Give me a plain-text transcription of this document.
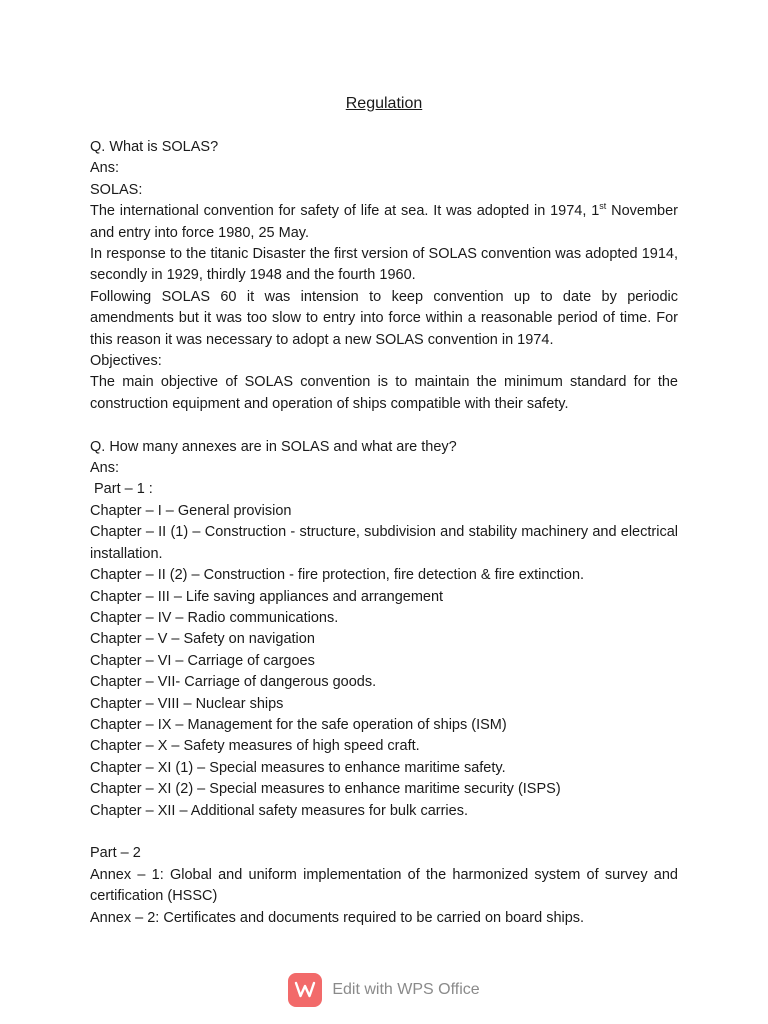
Regulation

Q. What is SOLAS?

Ans:

SOLAS:

The international convention for safety of life at sea. It was adopted in 1974, 1st November and entry into force 1980, 25 May.

In response to the titanic Disaster the first version of SOLAS convention was adopted 1914, secondly in 1929, thirdly 1948 and the fourth 1960.

Following SOLAS 60 it was intension to keep convention up to date by periodic amendments but it was too slow to entry into force within a reasonable period of time. For this reason it was necessary to adopt a new SOLAS convention in 1974.

Objectives:

The main objective of SOLAS convention is to maintain the minimum standard for the construction equipment and operation of ships compatible with their safety.

Q. How many annexes are in SOLAS and what are they?

Ans:

Part – 1 :

Chapter – I – General provision

Chapter – II (1) – Construction - structure, subdivision and stability machinery and electrical installation.

Chapter – II (2) – Construction - fire protection, fire detection & fire extinction.

Chapter – III – Life saving appliances and arrangement

Chapter – IV – Radio communications.

Chapter – V – Safety on navigation

Chapter – VI – Carriage of cargoes

Chapter – VII- Carriage of dangerous goods.

Chapter – VIII – Nuclear ships

Chapter – IX – Management for the safe operation of ships (ISM)

Chapter – X – Safety measures of high speed craft.

Chapter – XI (1) – Special measures to enhance maritime safety.

Chapter – XI (2) – Special measures to enhance maritime security (ISPS)

Chapter – XII – Additional safety measures for bulk carries.

Part – 2

Annex – 1: Global and uniform implementation of the harmonized system of survey and certification (HSSC)

Annex – 2: Certificates and documents required to be carried on board ships.

Edit with WPS Office
